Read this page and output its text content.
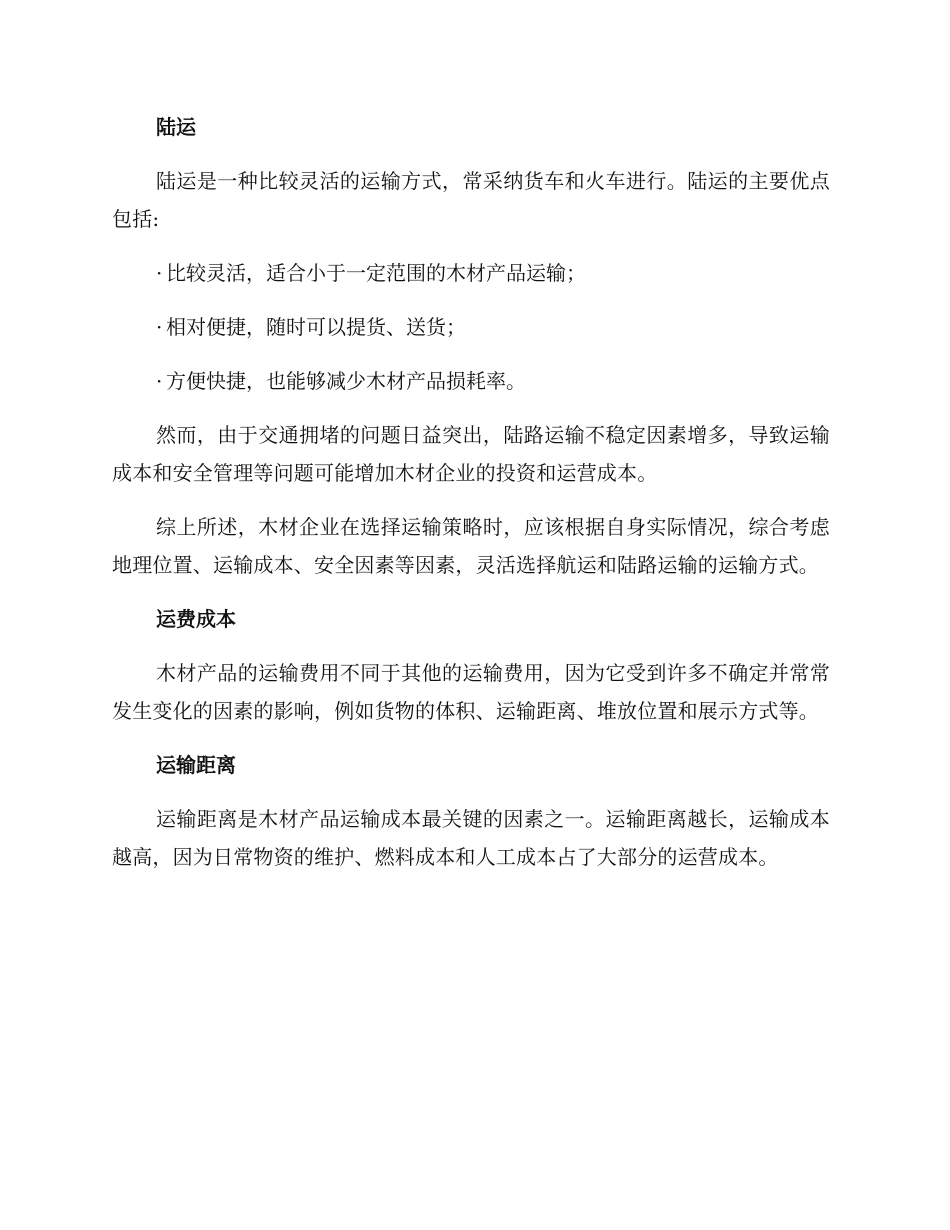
陆运

陆运是一种比较灵活的运输方式，常采纳货车和火车进行。陆运的主要优点包括:

· 比较灵活，适合小于一定范围的木材产品运输；
· 相对便捷，随时可以提货、送货；
· 方便快捷，也能够减少木材产品损耗率。

然而，由于交通拥堵的问题日益突出，陆路运输不稳定因素增多，导致运输成本和安全管理等问题可能增加木材企业的投资和运营成本。

综上所述，木材企业在选择运输策略时，应该根据自身实际情况，综合考虑地理位置、运输成本、安全因素等因素，灵活选择航运和陆路运输的运输方式。

运费成本

木材产品的运输费用不同于其他的运输费用，因为它受到许多不确定并常常发生变化的因素的影响，例如货物的体积、运输距离、堆放位置和展示方式等。

运输距离

运输距离是木材产品运输成本最关键的因素之一。运输距离越长，运输成本越高，因为日常物资的维护、燃料成本和人工成本占了大部分的运营成本。
